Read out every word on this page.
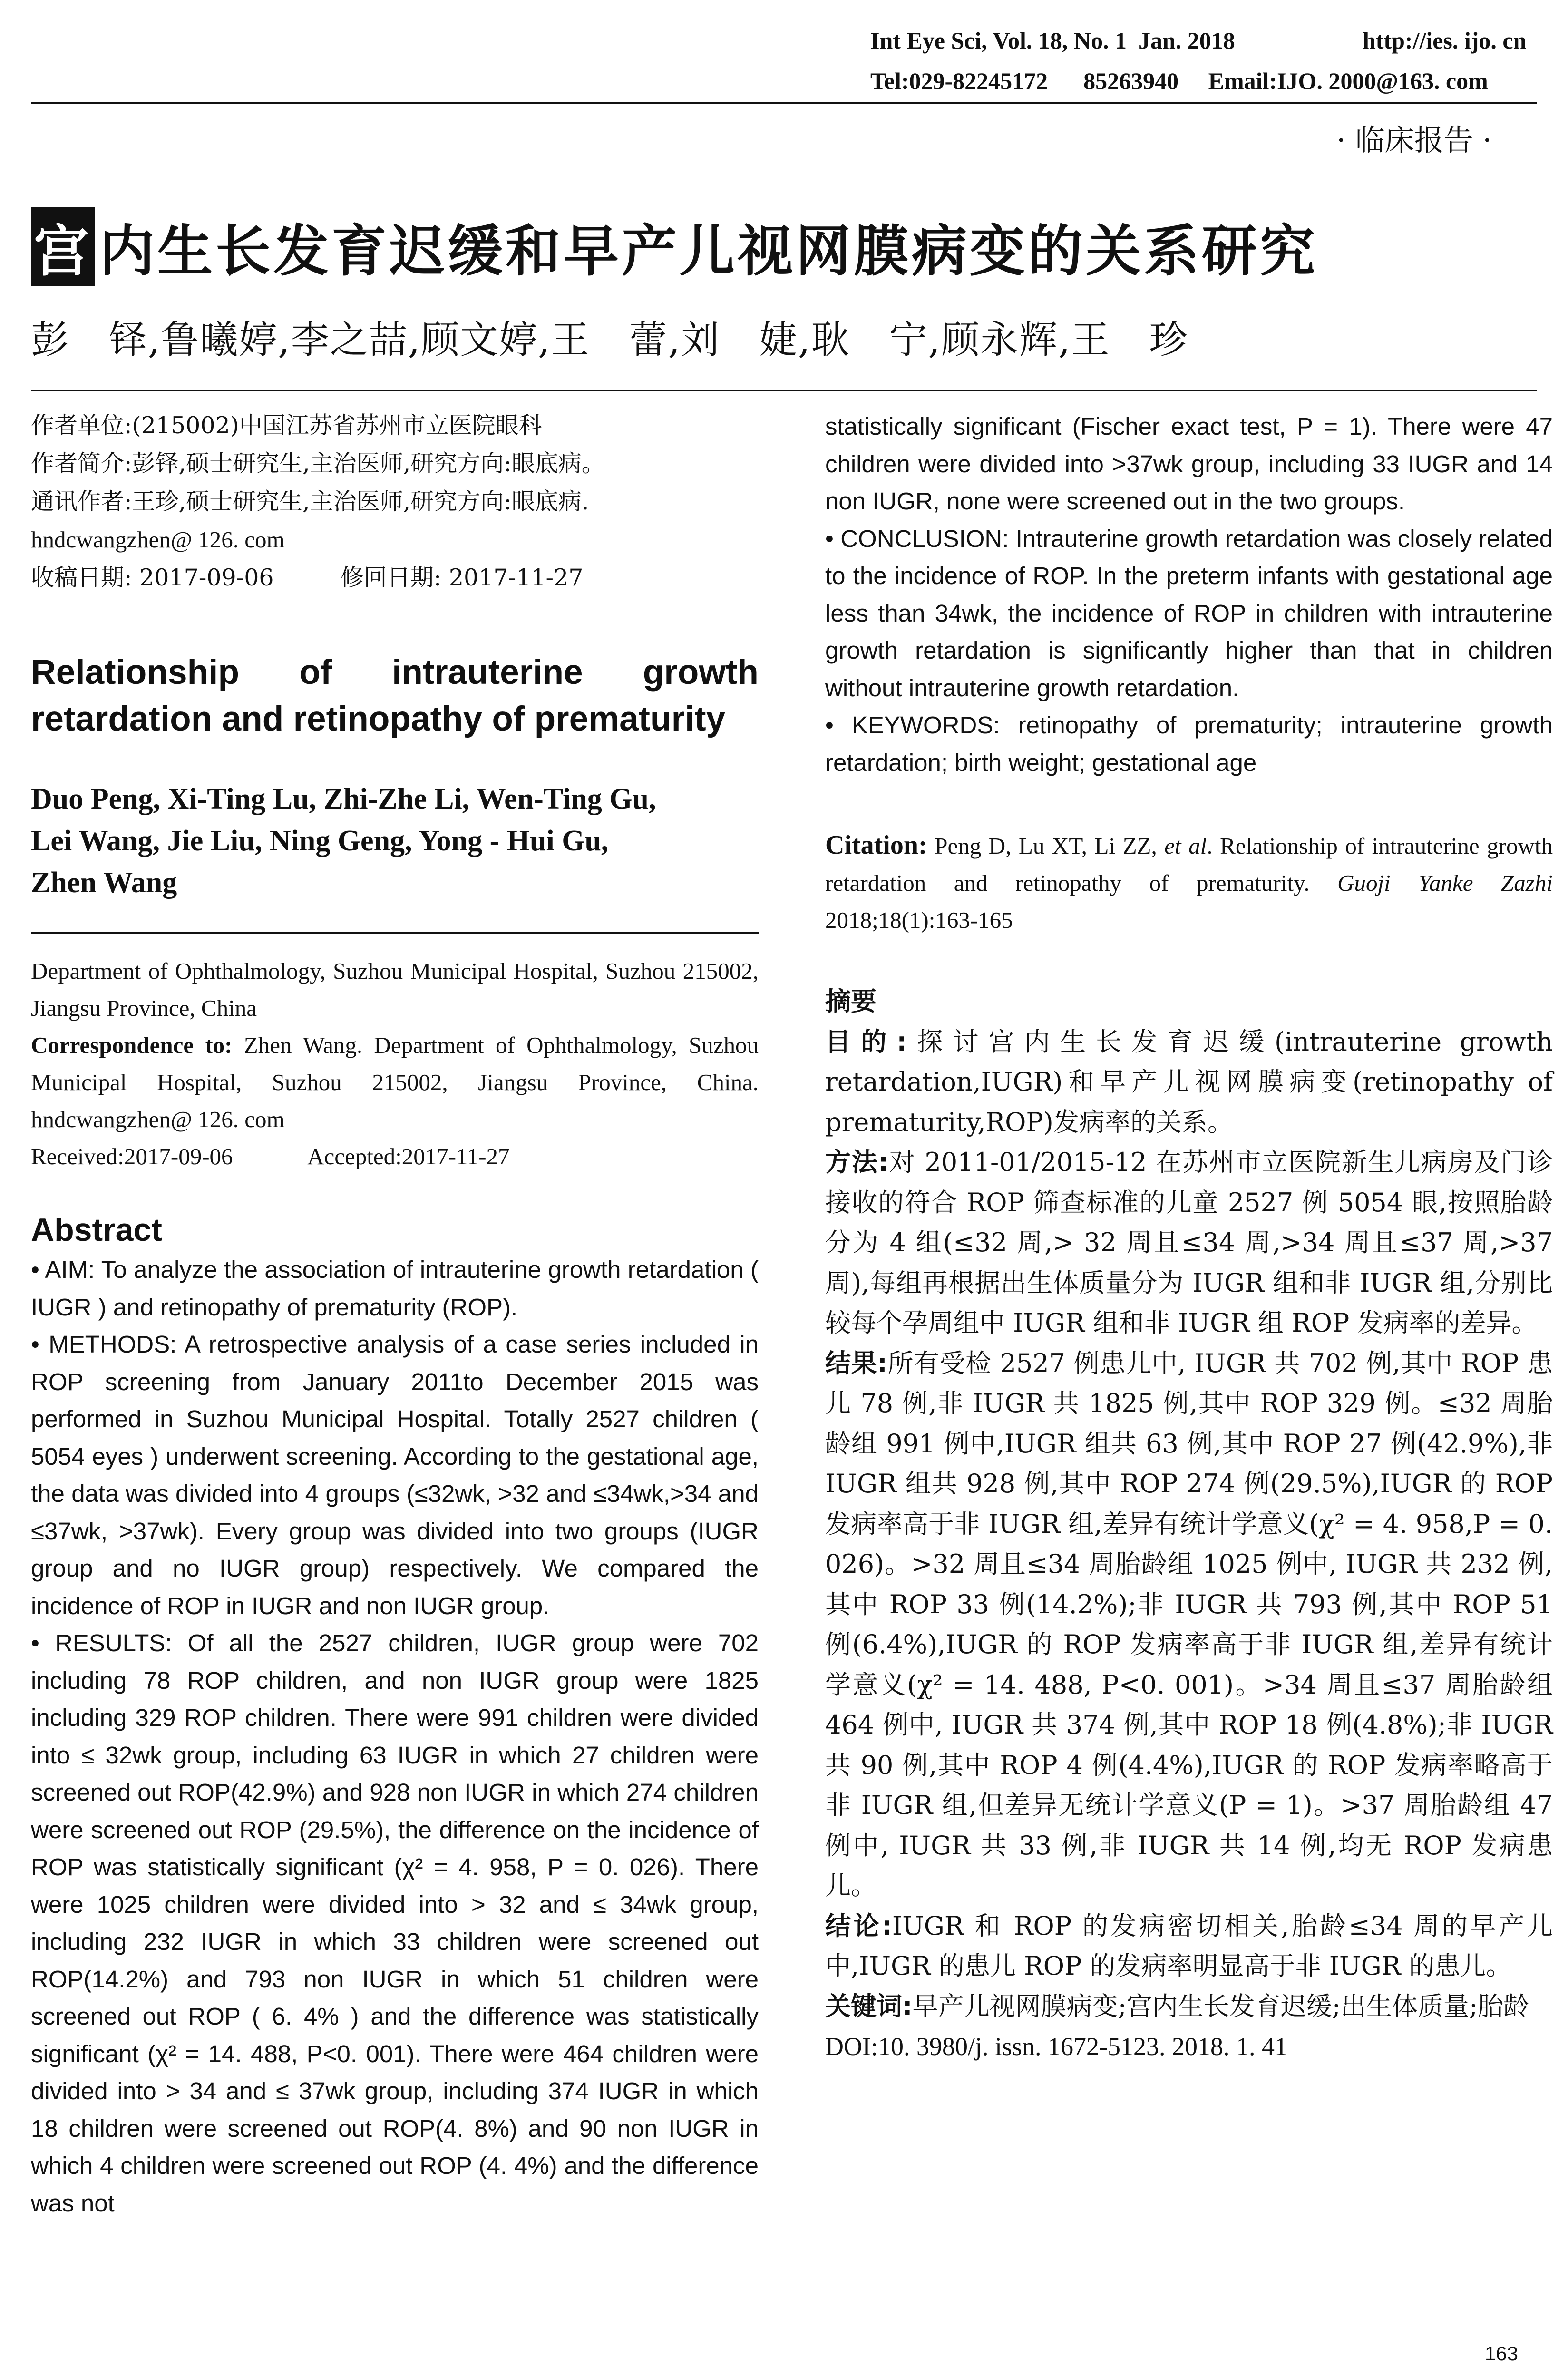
Int Eye Sci, Vol. 18, No. 1 Jan. 2018	http://ies. ijo. cn
Tel:029-82245172 85263940 Email:IJO. 2000@163. com
· 临床报告 ·
宫 内生长发育迟缓和早产儿视网膜病变的关系研究
彭　铎,鲁曦婷,李之喆,顾文婷,王　蕾,刘　婕,耿　宁,顾永辉,王　珍

作者单位:(215002)中国江苏省苏州市立医院眼科

作者简介:彭铎,硕士研究生,主治医师,研究方向:眼底病。

通讯作者:王珍,硕士研究生,主治医师,研究方向:眼底病.

hndcwangzhen@ 126. com

收稿日期: 2017-09-06	修回日期: 2017-11-27

Relationship of intrauterine growth

retardation and retinopathy of prematurity

Duo Peng, Xi-Ting Lu, Zhi-Zhe Li, Wen-Ting Gu,

Lei Wang, Jie Liu, Ning Geng, Yong - Hui Gu,

Zhen Wang

Department of Ophthalmology, Suzhou Municipal Hospital, Suzhou 215002, Jiangsu Province, China

Correspondence to: Zhen Wang. Department of Ophthalmology, Suzhou Municipal Hospital, Suzhou 215002, Jiangsu Province, China. hndcwangzhen@ 126. com

Received:2017-09-06	Accepted:2017-11-27

Abstract

• AIM: To analyze the association of intrauterine growth retardation ( IUGR ) and retinopathy of prematurity (ROP).

• METHODS: A retrospective analysis of a case series included in ROP screening from January 2011to December 2015 was performed in Suzhou Municipal Hospital. Totally 2527 children ( 5054 eyes ) underwent screening. According to the gestational age, the data was divided into 4 groups (≤32wk, >32 and ≤34wk,>34 and ≤37wk, >37wk). Every group was divided into two groups (IUGR group and no IUGR group) respectively. We compared the incidence of ROP in IUGR and non IUGR group.

• RESULTS: Of all the 2527 children, IUGR group were 702 including 78 ROP children, and non IUGR group were 1825 including 329 ROP children. There were 991 children were divided into ≤ 32wk group, including 63 IUGR in which 27 children were screened out ROP(42.9%) and 928 non IUGR in which 274 children were screened out ROP (29.5%), the difference on the incidence of ROP was statistically significant (χ² = 4. 958, P = 0. 026). There were 1025 children were divided into > 32 and ≤ 34wk group, including 232 IUGR in which 33 children were screened out ROP(14.2%) and 793 non IUGR in which 51 children were screened out ROP ( 6. 4% ) and the difference was statistically significant (χ² = 14. 488, P<0. 001). There were 464 children were divided into > 34 and ≤ 37wk group, including 374 IUGR in which 18 children were screened out ROP(4. 8%) and 90 non IUGR in which 4 children were screened out ROP (4. 4%) and the difference was not

statistically significant (Fischer exact test, P = 1). There were 47 children were divided into >37wk group, including 33 IUGR and 14 non IUGR, none were screened out in the two groups.

• CONCLUSION: Intrauterine growth retardation was closely related to the incidence of ROP. In the preterm infants with gestational age less than 34wk, the incidence of ROP in children with intrauterine growth retardation is significantly higher than that in children without intrauterine growth retardation.

• KEYWORDS: retinopathy of prematurity; intrauterine growth retardation; birth weight; gestational age

Citation: Peng D, Lu XT, Li ZZ, et al. Relationship of intrauterine growth retardation and retinopathy of prematurity. Guoji Yanke Zazhi 2018;18(1):163-165

摘要

目的:探讨宫内生长发育迟缓(intrauterine growth retardation,IUGR)和早产儿视网膜病变(retinopathy of prematurity,ROP)发病率的关系。

方法:对 2011-01/2015-12 在苏州市立医院新生儿病房及门诊接收的符合 ROP 筛查标准的儿童 2527 例 5054 眼,按照胎龄分为 4 组(≤32 周,> 32 周且≤34 周,>34 周且≤37 周,>37 周),每组再根据出生体质量分为 IUGR 组和非 IUGR 组,分别比较每个孕周组中 IUGR 组和非 IUGR 组 ROP 发病率的差异。

结果:所有受检 2527 例患儿中, IUGR 共 702 例,其中 ROP 患儿 78 例,非 IUGR 共 1825 例,其中 ROP 329 例。≤32 周胎龄组 991 例中,IUGR 组共 63 例,其中 ROP 27 例(42.9%),非 IUGR 组共 928 例,其中 ROP 274 例(29.5%),IUGR 的 ROP 发病率高于非 IUGR 组,差异有统计学意义(χ² = 4. 958,P = 0. 026)。>32 周且≤34 周胎龄组 1025 例中, IUGR 共 232 例,其中 ROP 33 例(14.2%);非 IUGR 共 793 例,其中 ROP 51 例(6.4%),IUGR 的 ROP 发病率高于非 IUGR 组,差异有统计学意义(χ² = 14. 488, P<0. 001)。>34 周且≤37 周胎龄组 464 例中, IUGR 共 374 例,其中 ROP 18 例(4.8%);非 IUGR 共 90 例,其中 ROP 4 例(4.4%),IUGR 的 ROP 发病率略高于非 IUGR 组,但差异无统计学意义(P = 1)。>37 周胎龄组 47 例中, IUGR 共 33 例,非 IUGR 共 14 例,均无 ROP 发病患儿。

结论:IUGR 和 ROP 的发病密切相关,胎龄≤34 周的早产儿中,IUGR 的患儿 ROP 的发病率明显高于非 IUGR 的患儿。

关键词:早产儿视网膜病变;宫内生长发育迟缓;出生体质量;胎龄

DOI:10. 3980/j. issn. 1672-5123. 2018. 1. 41

163
